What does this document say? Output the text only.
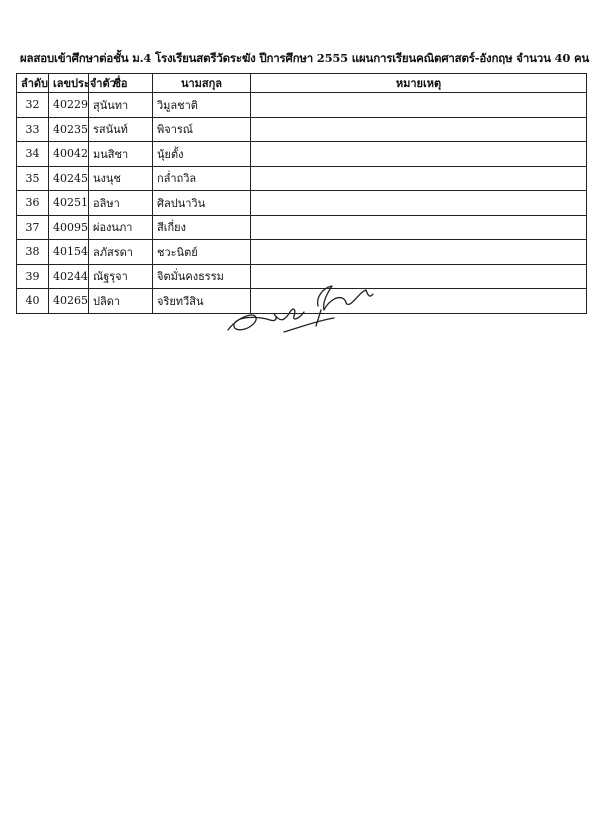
ผลสอบเข้าศึกษาต่อชั้น ม.4 โรงเรียนสตรีวัดระฆัง ปีการศึกษา 2555 แผนการเรียนคณิตศาสตร์-อังกฤษ จำนวน 40 คน
ลำดับ	เลขประจำตัว	ชื่อ	นามสกุล	หมายเหตุ
32	40229	สุนันทา	วิมูลชาติ	
33	40235	รสนันท์	พิจารณ์	
34	40042	มนสิชา	นุ้ยตั้ง	
35	40245	นงนุช	กล่ำถวิล	
36	40251	อลิษา	ศิลปนาวิน	
37	40095	ผ่องนภา	สีเกี่ยง	
38	40154	ลภัสรดา	ชวะนิตย์	
39	40244	ณัฐรุจา	จิตมั่นคงธรรม	
40	40265	ปลิดา	จริยทวีสิน	
